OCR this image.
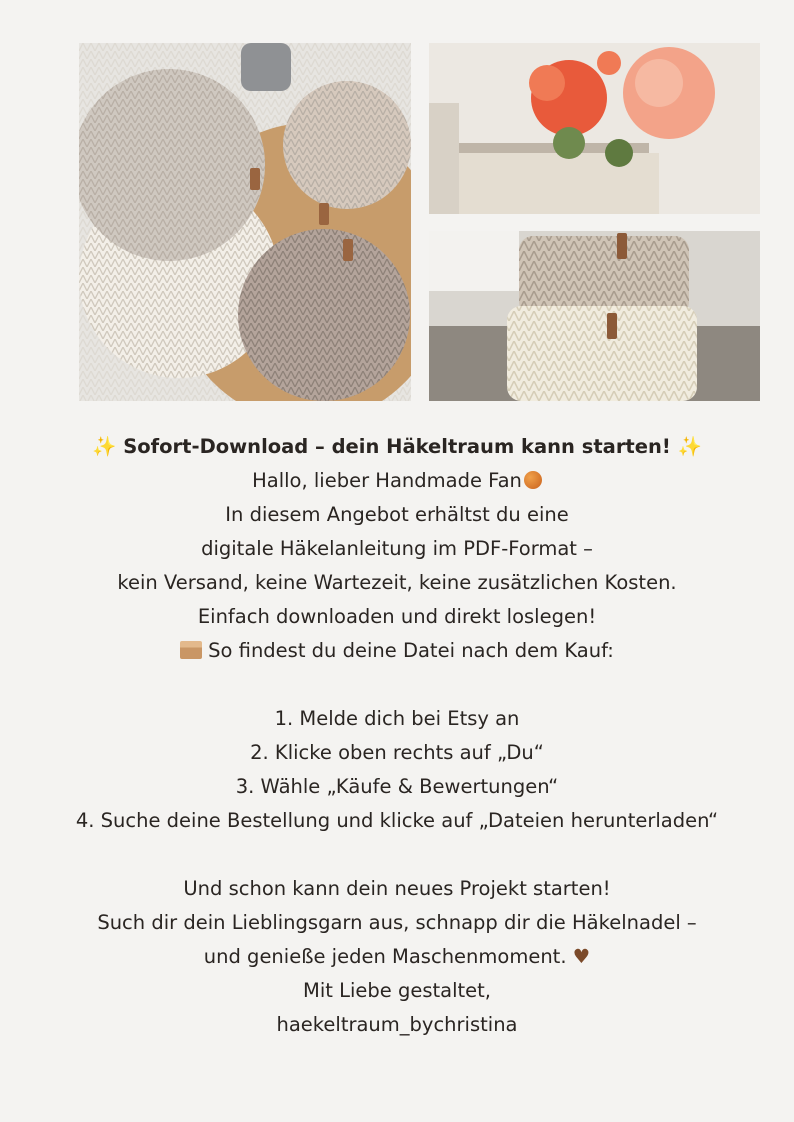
✨ Sofort-Download – dein Häkeltraum kann starten! ✨
Hallo, lieber Handmade Fan
In diesem Angebot erhältst du eine
digitale Häkelanleitung im PDF-Format –
kein Versand, keine Wartezeit, keine zusätzlichen Kosten.
Einfach downloaden und direkt loslegen!
So findest du deine Datei nach dem Kauf:
1. Melde dich bei Etsy an
2. Klicke oben rechts auf „Du“
3. Wähle „Käufe & Bewertungen“
4. Suche deine Bestellung und klicke auf „Dateien herunterladen“
Und schon kann dein neues Projekt starten!
Such dir dein Lieblingsgarn aus, schnapp dir die Häkelnadel –
und genieße jeden Maschenmoment. ♥
Mit Liebe gestaltet,
haekeltraum_bychristina
